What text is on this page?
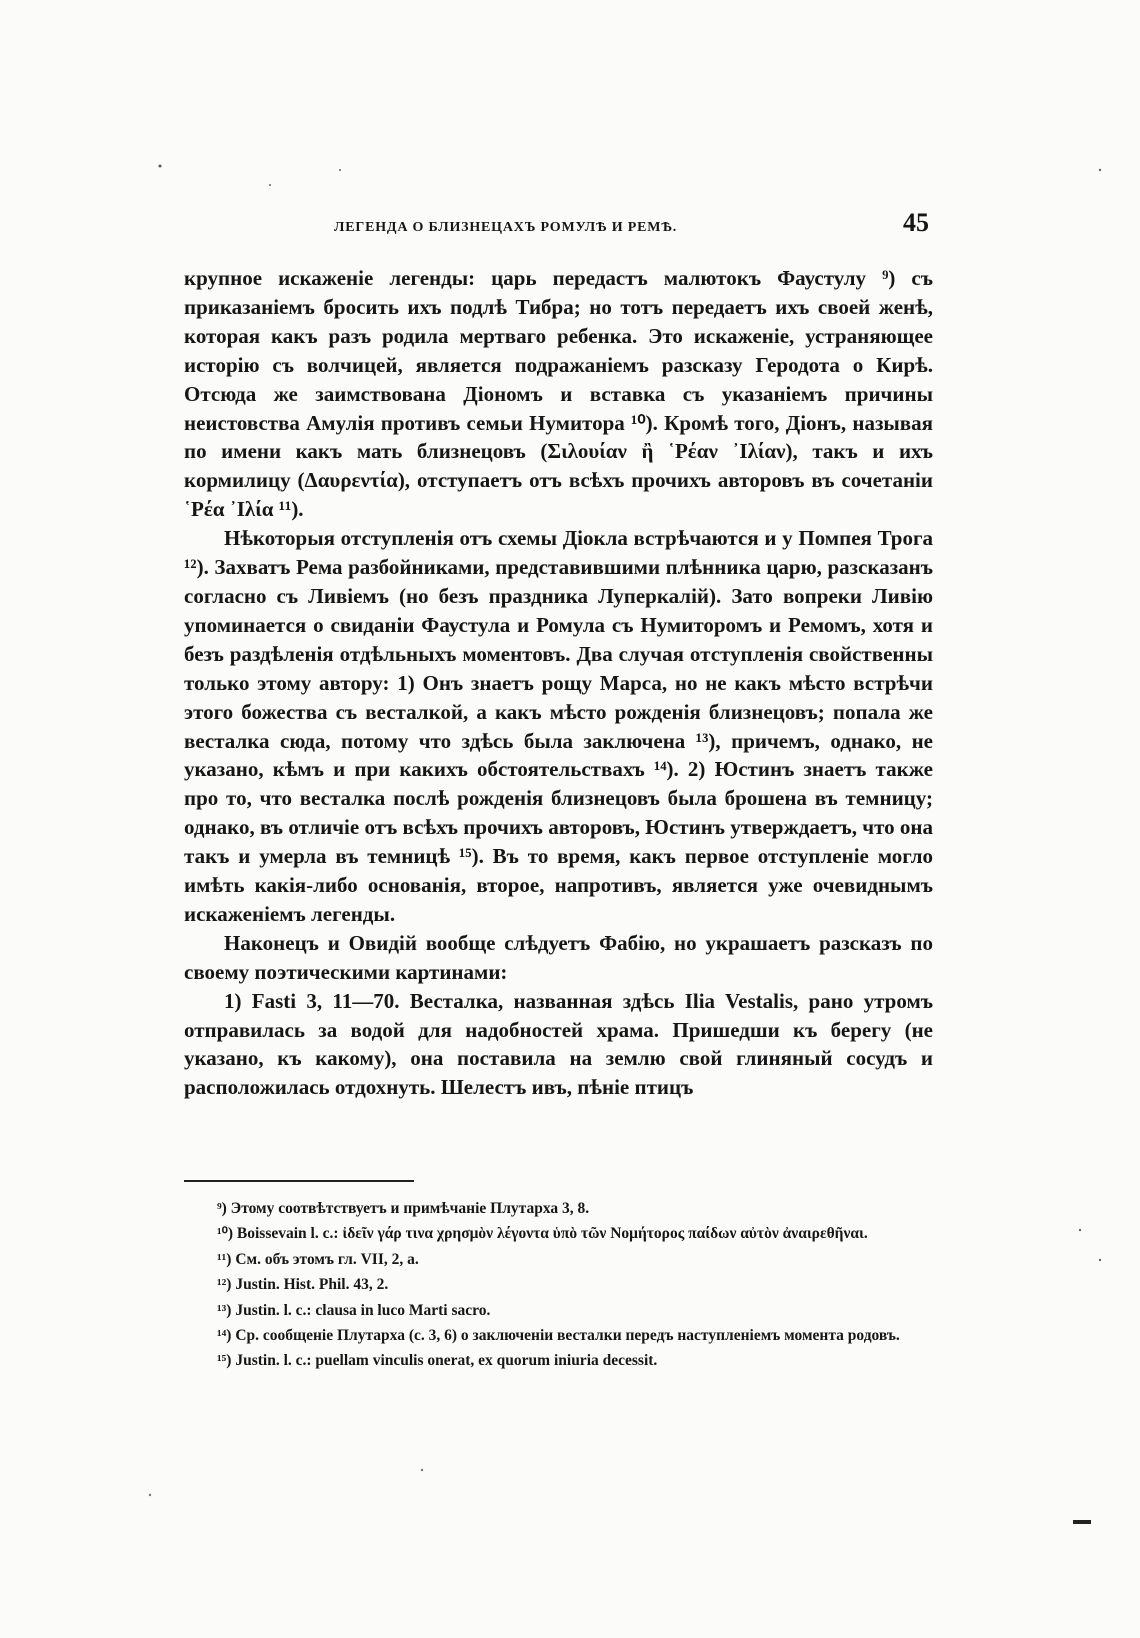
ЛЕГЕНДА О БЛИЗНЕЦАХЪ РОМУЛѢ И РЕМѢ.	45

крупное искаженіе легенды: царь передастъ малютокъ Фаустулу ⁹) съ приказаніемъ бросить ихъ подлѣ Тибра; но тотъ передаетъ ихъ своей женѣ, которая какъ разъ родила мертваго ребенка. Это искаженіе, устраняющее исторію съ волчицей, является подражаніемъ разсказу Геродота о Кирѣ. Отсюда же заимствована Діономъ и вставка съ указаніемъ причины неистовства Амулія противъ семьи Нумитора ¹⁰). Кромѣ того, Діонъ, называя по имени какъ мать близнецовъ (Σιλουίαν ἢ ῾Ρέαν ᾿Ιλίαν), такъ и ихъ кормилицу (Δαυρεντία), отступаетъ отъ всѣхъ прочихъ авторовъ въ сочетаніи ῾Ρέα ᾿Ιλία ¹¹).

Нѣкоторыя отступленія отъ схемы Діокла встрѣчаются и у Помпея Трога ¹²). Захватъ Рема разбойниками, представившими плѣнника царю, разсказанъ согласно съ Ливіемъ (но безъ праздника Луперкалій). Зато вопреки Ливію упоминается о свиданіи Фаустула и Ромула съ Нумиторомъ и Ремомъ, хотя и безъ раздѣленія отдѣльныхъ моментовъ. Два случая отступленія свойственны только этому автору: 1) Онъ знаетъ рощу Марса, но не какъ мѣсто встрѣчи этого божества съ весталкой, а какъ мѣсто рожденія близнецовъ; попала же весталка сюда, потому что здѣсь была заключена ¹³), причемъ, однако, не указано, кѣмъ и при какихъ обстоятельствахъ ¹⁴). 2) Юстинъ знаетъ также про то, что весталка послѣ рожденія близнецовъ была брошена въ темницу; однако, въ отличіе отъ всѣхъ прочихъ авторовъ, Юстинъ утверждаетъ, что она такъ и умерла въ темницѣ ¹⁵). Въ то время, какъ первое отступленіе могло имѣть какія-либо основанія, второе, напротивъ, является уже очевиднымъ искаженіемъ легенды.

Наконецъ и Овидій вообще слѣдуетъ Фабію, но украшаетъ разсказъ по своему поэтическими картинами:

1) Fasti 3, 11—70. Весталка, названная здѣсь Ilia Vestalis, рано утромъ отправилась за водой для надобностей храма. Пришедши къ берегу (не указано, къ какому), она поставила на землю свой глиняный сосудъ и расположилась отдохнуть. Шелестъ ивъ, пѣніе птицъ

⁹) Этому соотвѣтствуетъ и примѣчаніе Плутарха 3, 8.
¹⁰) Boissevain l. c.: ἰδεῖν γάρ τινα χρησμὸν λέγοντα ὑπὸ τῶν Νομήτορος παίδων αὐτὸν ἀναιρεθῆναι.
¹¹) См. объ этомъ гл. VII, 2, a.
¹²) Justin. Hist. Phil. 43, 2.
¹³) Justin. l. c.: clausa in luco Marti sacro.
¹⁴) Ср. сообщеніе Плутарха (с. 3, 6) о заключеніи весталки передъ наступленіемъ момента родовъ.
¹⁵) Justin. l. c.: puellam vinculis onerat, ex quorum iniuria decessit.
